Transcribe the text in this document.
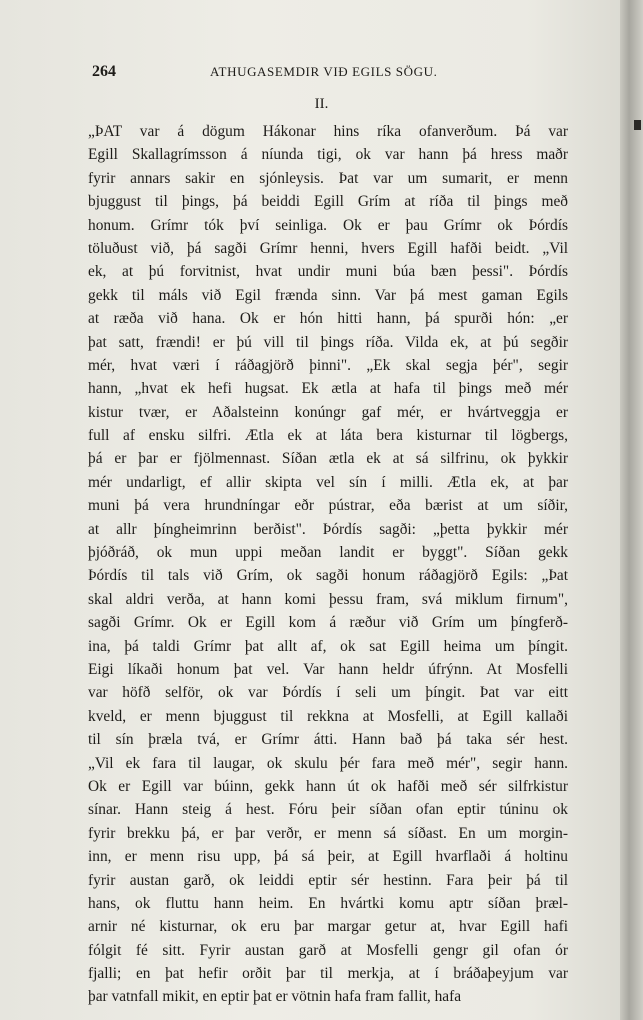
264	ATHUGASEMDIR VIÐ EGILS SÖGU.
II.
„ÞAT var á dögum Hákonar hins ríka ofanverðum. Þá var
Egill Skallagrímsson á níunda tigi, ok var hann þá hress maðr
fyrir annars sakir en sjónleysis. Þat var um sumarit, er menn
bjuggust til þings, þá beiddi Egill Grím at ríða til þings með
honum. Grímr tók því seinliga. Ok er þau Grímr ok Þórdís
töluðust við, þá sagði Grímr henni, hvers Egill hafði beidt. „Vil
ek, at þú forvitnist, hvat undir muni búa bæn þessi". Þórdís
gekk til máls við Egil frænda sinn. Var þá mest gaman Egils
at ræða við hana. Ok er hón hitti hann, þá spurði hón: „er
þat satt, frændi! er þú vill til þings ríða. Vilda ek, at þú segðir
mér, hvat væri í ráðagjörð þinni". „Ek skal segja þér", segir
hann, „hvat ek hefi hugsat. Ek ætla at hafa til þings með mér
kistur tvær, er Aðalsteinn konúngr gaf mér, er hvártveggja er
full af ensku silfri. Ætla ek at láta bera kisturnar til lögbergs,
þá er þar er fjölmennast. Síðan ætla ek at sá silfrinu, ok þykkir
mér undarligt, ef allir skipta vel sín í milli. Ætla ek, at þar
muni þá vera hrundníngar eðr pústrar, eða bærist at um síðir,
at allr þíngheimrinn berðist". Þórdís sagði: „þetta þykkir mér
þjóðráð, ok mun uppi meðan landit er byggt". Síðan gekk
Þórdís til tals við Grím, ok sagði honum ráðagjörð Egils: „Þat
skal aldri verða, at hann komi þessu fram, svá miklum firnum",
sagði Grímr. Ok er Egill kom á ræður við Grím um þíngferð-
ina, þá taldi Grímr þat allt af, ok sat Egill heima um þíngit.
Eigi líkaði honum þat vel. Var hann heldr úfrýnn. At Mosfelli
var höfð selför, ok var Þórdís í seli um þíngit. Þat var eitt
kveld, er menn bjuggust til rekkna at Mosfelli, at Egill kallaði
til sín þræla tvá, er Grímr átti. Hann bað þá taka sér hest.
„Vil ek fara til laugar, ok skulu þér fara með mér", segir hann.
Ok er Egill var búinn, gekk hann út ok hafði með sér silfrkistur
sínar. Hann steig á hest. Fóru þeir síðan ofan eptir túninu ok
fyrir brekku þá, er þar verðr, er menn sá síðast. En um morgin-
inn, er menn risu upp, þá sá þeir, at Egill hvarflaði á holtinu
fyrir austan garð, ok leiddi eptir sér hestinn. Fara þeir þá til
hans, ok fluttu hann heim. En hvártki komu aptr síðan þræl-
arnir né kisturnar, ok eru þar margar getur at, hvar Egill hafi
fólgit fé sitt. Fyrir austan garð at Mosfelli gengr gil ofan ór
fjalli; en þat hefir orðit þar til merkja, at í bráðaþeyjum var
þar vatnfall mikit, en eptir þat er vötnin hafa fram fallit, hafa
